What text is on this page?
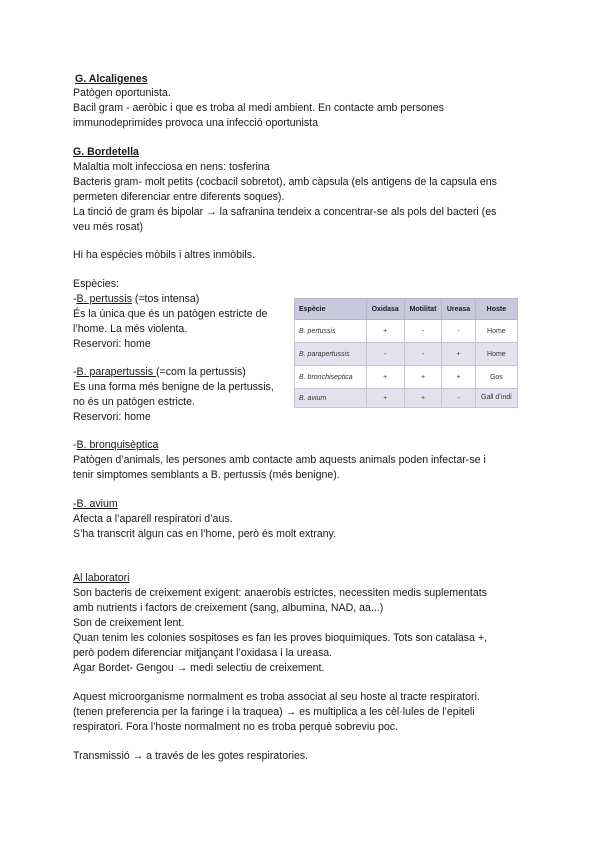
G. Alcaligenes
Patògen oportunista.
Bacil gram - aeròbic i que es troba al medi ambient. En contacte amb persones
immunodeprimides provoca una infecció oportunista
G. Bordetella
Malaltia molt infecciosa en nens: tosferina
Bacteris gram- molt petits (cocbacil sobretot), amb càpsula (els antigens de la capsula ens
permeten diferenciar entre diferents soques).
La tinció de gram és bipolar → la safranina tendeix a concentrar-se als pols del bacteri (es
veu més rosat)
Hi ha espècies mòbils i altres inmòbils.
Espècies:
-B. pertussis (=tos intensa)
És la única que és un patògen estricte de
l’home. La més violenta.
Reservori: home
-B. parapertussis (=com la pertussis)
Es una forma més benigne de la pertussis,
no és un patògen estricte.
Reservori: home
Espècie	Oxidasa	Motilitat	Ureasa	Hoste
B. pertussis	+	-	-	Home
B. parapertussis	-	-	+	Home
B. bronchiseptica	+	+	+	Gos
B. avium	+	+	-	Gall d’indi
-B. bronquisèptica
Patògen d’animals, les persones amb contacte amb aquests animals poden infectar-se i
tenir simptomes semblants a B. pertussis (més benigne).
-B. avium
Afecta a l’aparell respiratori d’aus.
S’ha transcrit algun cas en l’home, però és molt extrany.
Al laboratori
Son bacteris de creixement exigent: anaerobis estrictes, necessiten medis suplementats
amb nutrients i factors de creixement (sang, albumina, NAD, aa...)
Son de creixement lent.
Quan tenim les colonies sospitoses es fan les proves bioquimiques. Tots son catalasa +,
però podem diferenciar mitjançant l’oxidasa i la ureasa.
Agar Bordet- Gengou → medi selectiu de creixement.
Aquest microorganisme normalment es troba associat al seu hoste al tracte respiratori.
(tenen preferencia per la faringe i la traquea) → es multiplica a les cèl·lules de l’epiteli
respiratori. Fora l’hoste normalment no es troba perquè sobreviu poc.
Transmissió → a través de les gotes respiratories.
